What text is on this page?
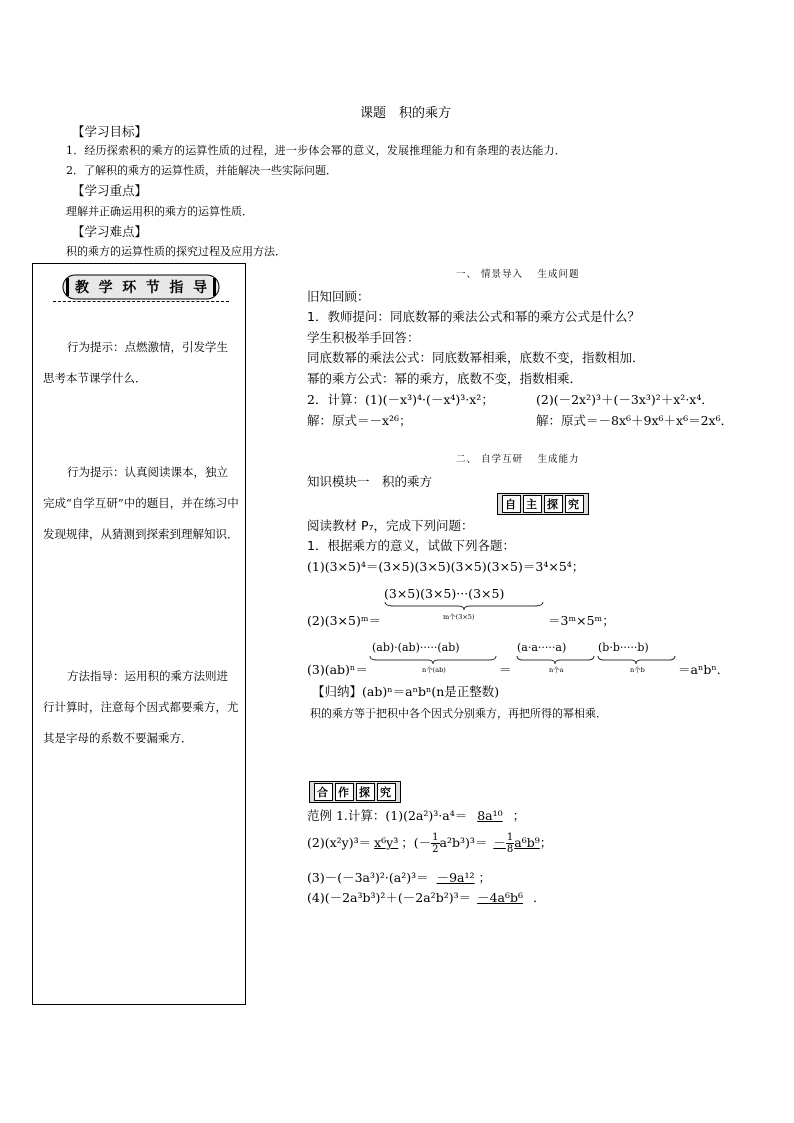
课题　积的乘方
【学习目标】
1．经历探索积的乘方的运算性质的过程，进一步体会幂的意义，发展推理能力和有条理的表达能力．
2．了解积的乘方的运算性质，并能解决一些实际问题．
【学习重点】
理解并正确运用积的乘方的运算性质．
【学习难点】
积的乘方的运算性质的探究过程及应用方法．
教 学 环 节 指 导
行为提示：点燃激情，引发学生思考本节课学什么．
行为提示：认真阅读课本，独立完成“自学互研”中的题目，并在练习中发现规律，从猜测到探索到理解知识．
方法指导：运用积的乘方法则进行计算时，注意每个因式都要乘方，尤其是字母的系数不要漏乘方．
一、 情景导入　 生成问题
旧知回顾：
1．教师提问：同底数幂的乘法公式和幂的乘方公式是什么？
学生积极举手回答：
同底数幂的乘法公式：同底数幂相乘，底数不变，指数相加．
幂的乘方公式：幂的乘方，底数不变，指数相乘．
2．计算：(1)(－x³)⁴·(－x⁴)³·x²；	(2)(－2x²)³＋(－3x³)²＋x²·x⁴．
解：原式＝－x²⁶；	解：原式＝－8x⁶＋9x⁶＋x⁶＝2x⁶．
二、 自学互研　 生成能力
知识模块一　积的乘方
自 主 探 究
阅读教材 P₇，完成下列问题：
1．根据乘方的意义，试做下列各题：
(1)(3×5)⁴＝(3×5)(3×5)(3×5)(3×5)＝3⁴×5⁴；
(2)(3×5)ᵐ＝
(3×5)(3×5)···(3×5)
m个(3×5)	＝3ᵐ×5ᵐ；
(3)(ab)ⁿ＝
(ab)·(ab)·····(ab)
n个(ab)	＝
(a·a·····a)
n个a
(b·b·····b)
n个b	＝aⁿbⁿ．
【归纳】(ab)ⁿ＝aⁿbⁿ(n是正整数)
积的乘方等于把积中各个因式分别乘方，再把所得的幂相乘．
合 作 探 究
范例 1.计算：(1)(2a²)³·a⁴＝ 8a¹⁰ ；
(2)(x²y)³＝ x⁶y³ ；$(-\frac{1}{2}a^2b^3)^3= -\frac{1}{8}a^6b^9$；
(3)－(－3a³)²·(a²)³＝ －9a¹² ；
(4)(－2a³b³)²＋(－2a²b²)³＝ －4a⁶b⁶ ．
